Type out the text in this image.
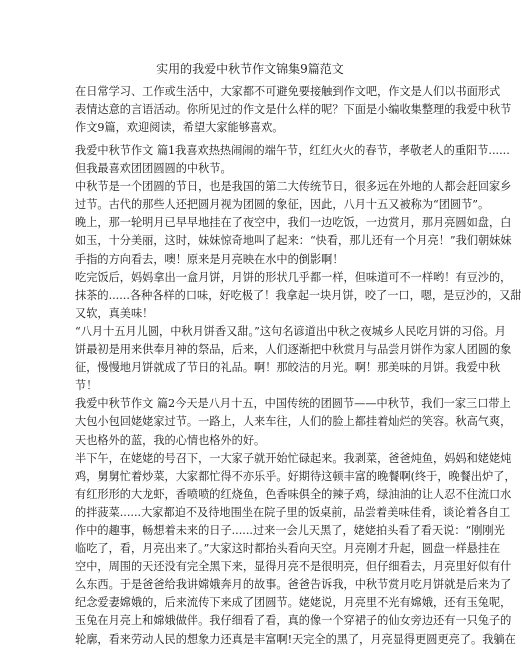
实用的我爱中秋节作文锦集9篇范文
在日常学习、工作或生活中，大家都不可避免要接触到作文吧，作文是人们以书面形式
表情达意的言语活动。你所见过的作文是什么样的呢？下面是小编收集整理的我爱中秋节
作文9篇，欢迎阅读，希望大家能够喜欢。
我爱中秋节作文 篇1我喜欢热热闹闹的端午节，红红火火的春节，孝敬老人的重阳节......
但我最喜欢团团圆圆的中秋节。
中秋节是一个团圆的节日，也是我国的第二大传统节日，很多远在外地的人都会赶回家乡
过节。古代的那些人还把圆月视为团圆的象征，因此，八月十五又被称为“团圆节”。
晚上，那一轮明月已早早地挂在了夜空中，我们一边吃饭，一边赏月，那月亮圆如盘，白
如玉，十分美丽，这时，妹妹惊奇地叫了起来：“快看，那儿还有一个月亮！”我们朝妹妹
手指的方向看去，噢！原来是月亮映在水中的倒影啊！
吃完饭后，妈妈拿出一盒月饼，月饼的形状几乎都一样，但味道可不一样哟！有豆沙的，
抹茶的......各种各样的口味，好吃极了！我拿起一块月饼，咬了一口，嗯，是豆沙的，又甜
又软，真美味！
“八月十五月儿圆，中秋月饼香又甜。”这句名谚道出中秋之夜城乡人民吃月饼的习俗。月
饼最初是用来供奉月神的祭品，后来，人们逐渐把中秋赏月与品尝月饼作为家人团圆的象
征，慢慢地月饼就成了节日的礼品。啊！那皎洁的月光。啊！那美味的月饼。我爱中秋
节！
我爱中秋节作文 篇2今天是八月十五，中国传统的团圆节——中秋节，我们一家三口带上
大包小包回姥姥家过节。一路上，人来车往，人们的脸上都挂着灿烂的笑容。秋高气爽，
天也格外的蓝，我的心情也格外的好。
半下午，在姥姥的号召下，一大家子就开始忙碌起来。我剥菜，爸爸炖鱼，妈妈和姥姥炖
鸡，舅舅忙着炒菜，大家都忙得不亦乐乎。好期待这顿丰富的晚餐啊(终于，晚餐出炉了，
有红形形的大龙虾，香喷喷的红烧鱼，色香味俱全的辣子鸡，绿油油的让人忍不住流口水
的拌菠菜......大家都迫不及待地围坐在院子里的饭桌前，品尝着美味佳肴，谈论着各自工
作中的趣事，畅想着未来的日子......过来一会儿天黑了，姥姥拍头看了看天说：“刚刚光
临吃了，看，月亮出来了。”大家这时都抬头看向天空。月亮刚才升起，圆盘一样悬挂在
空中，周围的天还没有完全黑下来，显得月亮不是很明亮，但仔细看去，月亮里好似有什
么东西。于是爸爸给我讲嫦娥奔月的故事。爸爸告诉我，中秋节赏月吃月饼就是后来为了
纪念爱妻嫦娥的，后来流传下来成了团圆节。姥姥说，月亮里不光有嫦娥，还有玉兔呢，
玉兔在月亮上和嫦娥做伴。我仔细看了看，真的像一个穿裙子的仙女旁边还有一只兔子的
轮廓，看来劳动人民的想象力还真是丰富啊!天完全的黑了，月亮显得更圆更亮了。我躺在
